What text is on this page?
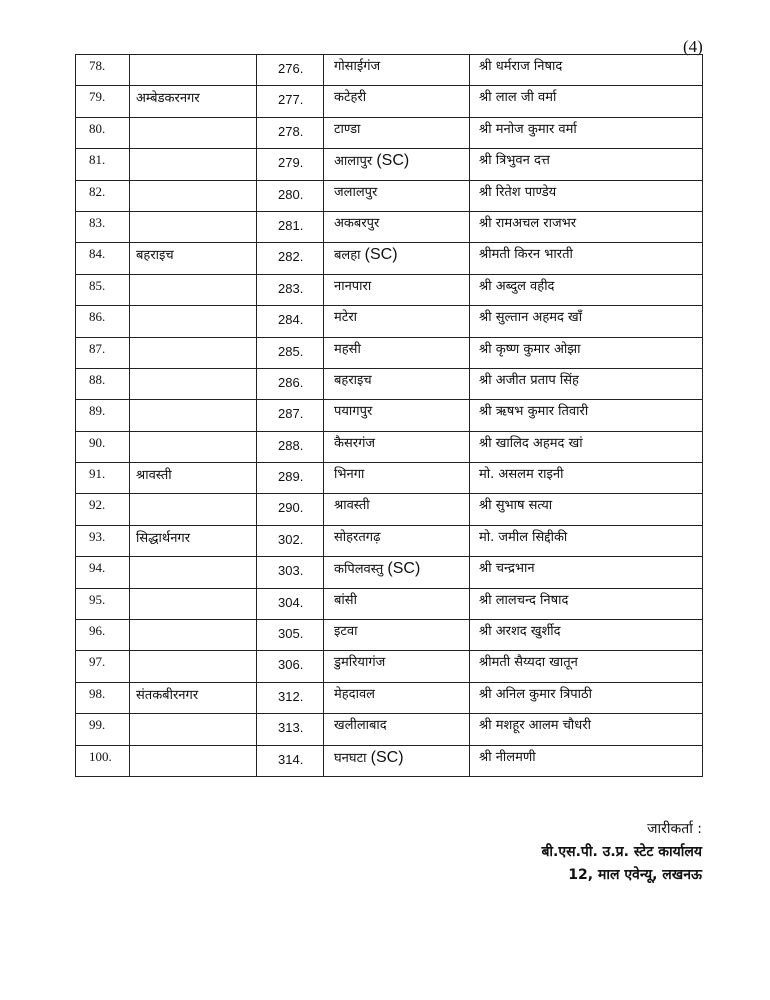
(4)
78.		276.	गोसाईगंज	श्री धर्मराज निषाद
79.	अम्बेडकरनगर	277.	कटेहरी	श्री लाल जी वर्मा
80.		278.	टाण्डा	श्री मनोज कुमार वर्मा
81.		279.	आलापुर (SC)	श्री त्रिभुवन दत्त
82.		280.	जलालपुर	श्री रितेश पाण्डेय
83.		281.	अकबरपुर	श्री रामअचल राजभर
84.	बहराइच	282.	बलहा (SC)	श्रीमती किरन भारती
85.		283.	नानपारा	श्री अब्दुल वहीद
86.		284.	मटेरा	श्री सुल्तान अहमद खाँ
87.		285.	महसी	श्री कृष्ण कुमार ओझा
88.		286.	बहराइच	श्री अजीत प्रताप सिंह
89.		287.	पयागपुर	श्री ऋषभ कुमार तिवारी
90.		288.	कैसरगंज	श्री खालिद अहमद खां
91.	श्रावस्ती	289.	भिनगा	मो. असलम राइनी
92.		290.	श्रावस्ती	श्री सुभाष सत्या
93.	सिद्धार्थनगर	302.	सोहरतगढ़	मो. जमील सिद्दीकी
94.		303.	कपिलवस्तु (SC)	श्री चन्द्रभान
95.		304.	बांसी	श्री लालचन्द निषाद
96.		305.	इटवा	श्री अरशद खुर्शीद
97.		306.	डुमरियागंज	श्रीमती सैय्यदा खातून
98.	संतकबीरनगर	312.	मेहदावल	श्री अनिल कुमार त्रिपाठी
99.		313.	खलीलाबाद	श्री मशहूर आलम चौधरी
100.		314.	घनघटा (SC)	श्री नीलमणी
जारीकर्ता :
बी.एस.पी. उ.प्र. स्टेट कार्यालय
12, माल एवेन्यू, लखनऊ
